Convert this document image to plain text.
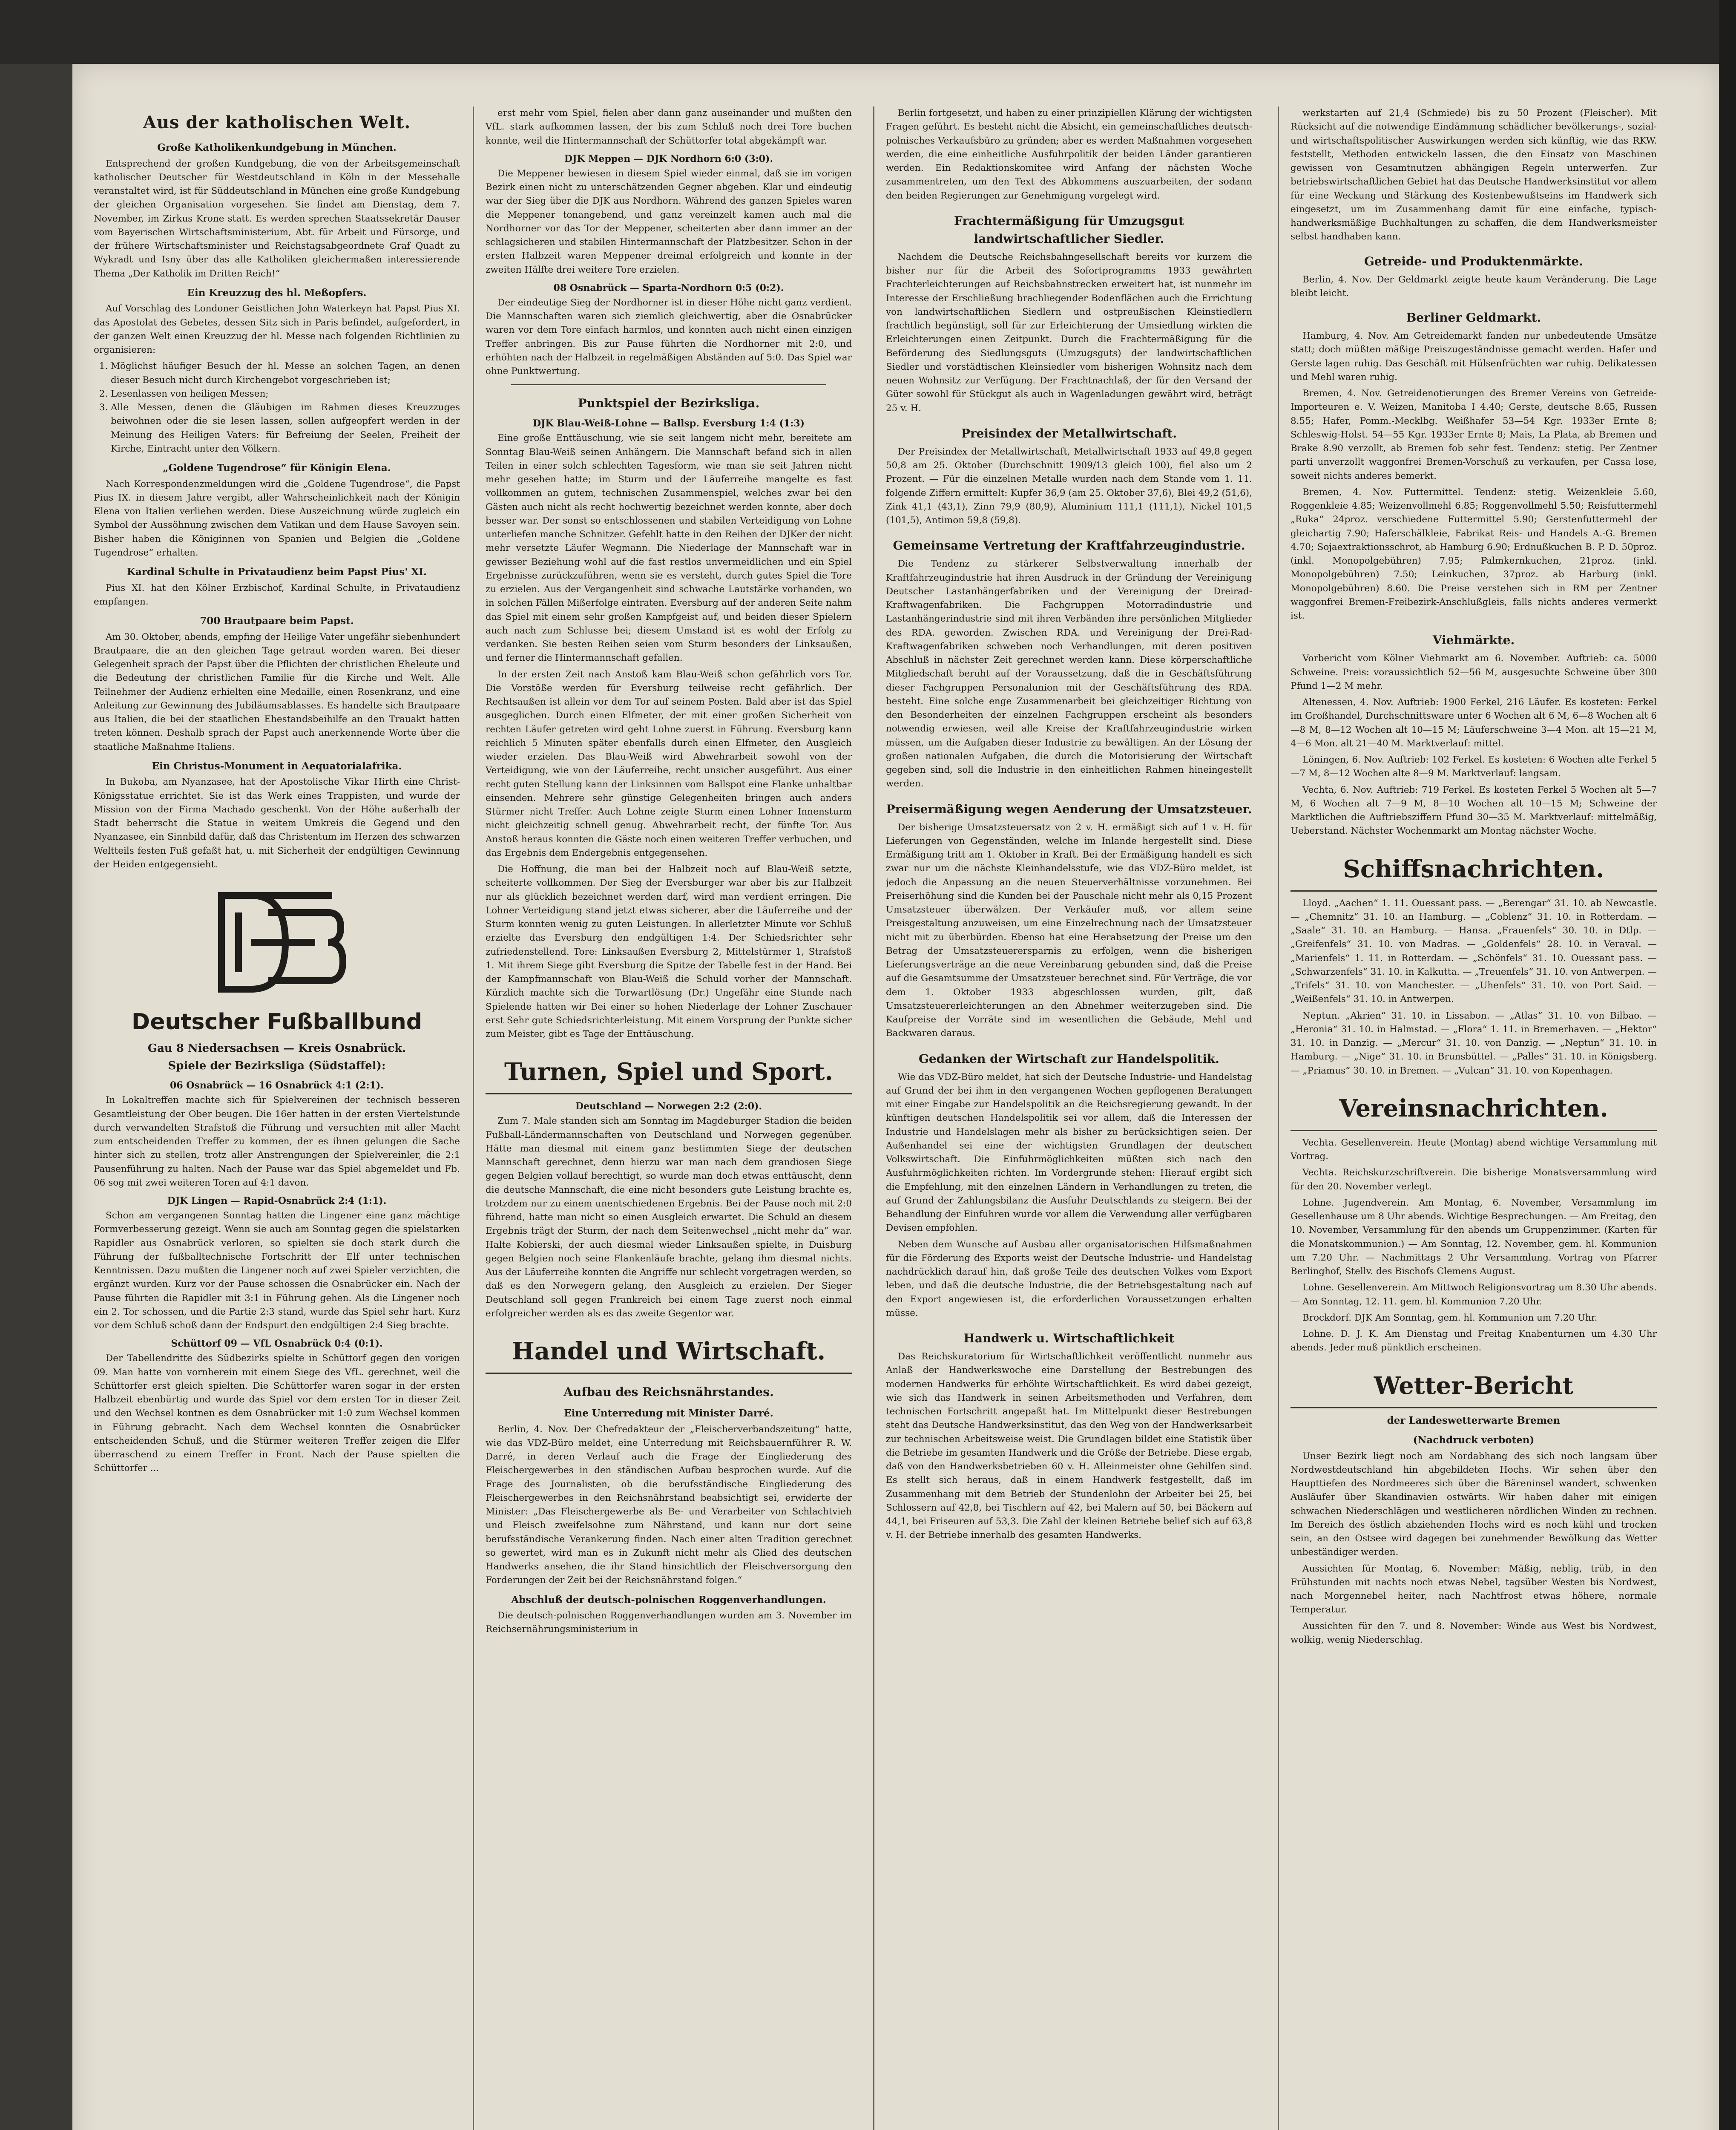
Aus der katholischen Welt.
Große Katholikenkundgebung in München.

Entsprechend der großen Kundgebung, die von der Arbeitsgemeinschaft katholischer Deutscher für Westdeutschland in Köln in der Messehalle veranstaltet wird, ist für Süddeutschland in München eine große Kundgebung der gleichen Organisation vorgesehen. Sie findet am Dienstag, dem 7. November, im Zirkus Krone statt. Es werden sprechen Staatssekretär Dauser vom Bayerischen Wirtschaftsministerium, Abt. für Arbeit und Fürsorge, und der frühere Wirtschaftsminister und Reichstagsabgeordnete Graf Quadt zu Wykradt und Isny über das alle Katholiken gleichermaßen interessierende Thema „Der Katholik im Dritten Reich!“

Ein Kreuzzug des hl. Meßopfers.

Auf Vorschlag des Londoner Geistlichen John Waterkeyn hat Papst Pius XI. das Apostolat des Gebetes, dessen Sitz sich in Paris befindet, aufgefordert, in der ganzen Welt einen Kreuzzug der hl. Messe nach folgenden Richtlinien zu organisieren:

1. Möglichst häufiger Besuch der hl. Messe an solchen Tagen, an denen dieser Besuch nicht durch Kirchengebot vorgeschrieben ist;
2. Lesenlassen von heiligen Messen;
3. Alle Messen, denen die Gläubigen im Rahmen dieses Kreuzzuges beiwohnen oder die sie lesen lassen, sollen aufgeopfert werden in der Meinung des Heiligen Vaters: für Befreiung der Seelen, Freiheit der Kirche, Eintracht unter den Völkern.
„Goldene Tugendrose“ für Königin Elena.

Nach Korrespondenzmeldungen wird die „Goldene Tugendrose“, die Papst Pius IX. in diesem Jahre vergibt, aller Wahrscheinlichkeit nach der Königin Elena von Italien verliehen werden. Diese Auszeichnung würde zugleich ein Symbol der Aussöhnung zwischen dem Vatikan und dem Hause Savoyen sein. Bisher haben die Königinnen von Spanien und Belgien die „Goldene Tugendrose“ erhalten.

Kardinal Schulte in Privataudienz beim Papst Pius' XI.

Pius XI. hat den Kölner Erzbischof, Kardinal Schulte, in Privataudienz empfangen.

700 Brautpaare beim Papst.

Am 30. Oktober, abends, empfing der Heilige Vater ungefähr siebenhundert Brautpaare, die an den gleichen Tage getraut worden waren. Bei dieser Gelegenheit sprach der Papst über die Pflichten der christlichen Eheleute und die Bedeutung der christlichen Familie für die Kirche und Welt. Alle Teilnehmer der Audienz erhielten eine Medaille, einen Rosenkranz, und eine Anleitung zur Gewinnung des Jubiläumsablasses. Es handelte sich Brautpaare aus Italien, die bei der staatlichen Ehestandsbeihilfe an den Trauakt hatten treten können. Deshalb sprach der Papst auch anerkennende Worte über die staatliche Maßnahme Italiens.

Ein Christus-Monument in Aequatorialafrika.

In Bukoba, am Nyanzasee, hat der Apostolische Vikar Hirth eine Christ-Königsstatue errichtet. Sie ist das Werk eines Trappisten, und wurde der Mission von der Firma Machado geschenkt. Von der Höhe außerhalb der Stadt beherrscht die Statue in weitem Umkreis die Gegend und den Nyanzasee, ein Sinnbild dafür, daß das Christentum im Herzen des schwarzen Weltteils festen Fuß gefaßt hat, u. mit Sicherheit der endgültigen Gewinnung der Heiden entgegensieht.

Deutscher Fußballbund
Gau 8 Niedersachsen — Kreis Osnabrück.
Spiele der Bezirksliga (Südstaffel):
06 Osnabrück — 16 Osnabrück 4:1 (2:1).

In Lokaltreffen machte sich für Spielvereinen der technisch besseren Gesamtleistung der Ober beugen. Die 16er hatten in der ersten Viertelstunde durch verwandelten Strafstoß die Führung und versuchten mit aller Macht zum entscheidenden Treffer zu kommen, der es ihnen gelungen die Sache hinter sich zu stellen, trotz aller Anstrengungen der Spielvereinler, die 2:1 Pausenführung zu halten. Nach der Pause war das Spiel abgemeldet und Fb. 06 sog mit zwei weiteren Toren auf 4:1 davon.

DJK Lingen — Rapid-Osnabrück 2:4 (1:1).

Schon am vergangenen Sonntag hatten die Lingener eine ganz mächtige Formverbesserung gezeigt. Wenn sie auch am Sonntag gegen die spielstarken Rapidler aus Osnabrück verloren, so spielten sie doch stark durch die Führung der fußballtechnische Fortschritt der Elf unter technischen Kenntnissen. Dazu mußten die Lingener noch auf zwei Spieler verzichten, die ergänzt wurden. Kurz vor der Pause schossen die Osnabrücker ein. Nach der Pause führten die Rapidler mit 3:1 in Führung gehen. Als die Lingener noch ein 2. Tor schossen, und die Partie 2:3 stand, wurde das Spiel sehr hart. Kurz vor dem Schluß schoß dann der Endspurt den endgültigen 2:4 Sieg brachte.

Schüttorf 09 — VfL Osnabrück 0:4 (0:1).

Der Tabellendritte des Südbezirks spielte in Schüttorf gegen den vorigen 09. Man hatte von vornherein mit einem Siege des VfL. gerechnet, weil die Schüttorfer erst gleich spielten. Die Schüttorfer waren sogar in der ersten Halbzeit ebenbürtig und wurde das Spiel vor dem ersten Tor in dieser Zeit und den Wechsel kontnen es dem Osnabrücker mit 1:0 zum Wechsel kommen in Führung gebracht. Nach dem Wechsel konnten die Osnabrücker entscheidenden Schuß, und die Stürmer weiteren Treffer zeigen die Elfer überraschend zu einem Treffer in Front. Nach der Pause spielten die Schüttorfer ...

erst mehr vom Spiel, fielen aber dann ganz auseinander und mußten den VfL. stark aufkommen lassen, der bis zum Schluß noch drei Tore buchen konnte, weil die Hintermannschaft der Schüttorfer total abgekämpft war.

DJK Meppen — DJK Nordhorn 6:0 (3:0).

Die Meppener bewiesen in diesem Spiel wieder einmal, daß sie im vorigen Bezirk einen nicht zu unterschätzenden Gegner abgeben. Klar und eindeutig war der Sieg über die DJK aus Nordhorn. Während des ganzen Spieles waren die Meppener tonangebend, und ganz vereinzelt kamen auch mal die Nordhorner vor das Tor der Meppener, scheiterten aber dann immer an der schlagsicheren und stabilen Hintermannschaft der Platzbesitzer. Schon in der ersten Halbzeit waren Meppener dreimal erfolgreich und konnte in der zweiten Hälfte drei weitere Tore erzielen.

08 Osnabrück — Sparta-Nordhorn 0:5 (0:2).

Der eindeutige Sieg der Nordhorner ist in dieser Höhe nicht ganz verdient. Die Mannschaften waren sich ziemlich gleichwertig, aber die Osnabrücker waren vor dem Tore einfach harmlos, und konnten auch nicht einen einzigen Treffer anbringen. Bis zur Pause führten die Nordhorner mit 2:0, und erhöhten nach der Halbzeit in regelmäßigen Abständen auf 5:0. Das Spiel war ohne Punktwertung.

Punktspiel der Bezirksliga.
DJK Blau-Weiß-Lohne — Ballsp. Eversburg 1:4 (1:3)

Eine große Enttäuschung, wie sie seit langem nicht mehr, bereitete am Sonntag Blau-Weiß seinen Anhängern. Die Mannschaft befand sich in allen Teilen in einer solch schlechten Tagesform, wie man sie seit Jahren nicht mehr gesehen hatte; im Sturm und der Läuferreihe mangelte es fast vollkommen an gutem, technischen Zusammenspiel, welches zwar bei den Gästen auch nicht als recht hochwertig bezeichnet werden konnte, aber doch besser war. Der sonst so entschlossenen und stabilen Verteidigung von Lohne unterliefen manche Schnitzer. Gefehlt hatte in den Reihen der DJKer der nicht mehr versetzte Läufer Wegmann. Die Niederlage der Mannschaft war in gewisser Beziehung wohl auf die fast restlos unvermeidlichen und ein Spiel Ergebnisse zurückzuführen, wenn sie es versteht, durch gutes Spiel die Tore zu erzielen. Aus der Vergangenheit sind schwache Lautstärke vorhanden, wo in solchen Fällen Mißerfolge eintraten. Eversburg auf der anderen Seite nahm das Spiel mit einem sehr großen Kampfgeist auf, und beiden dieser Spielern auch nach zum Schlusse bei; diesem Umstand ist es wohl der Erfolg zu verdanken. Sie besten Reihen seien vom Sturm besonders der Linksaußen, und ferner die Hintermannschaft gefallen.

In der ersten Zeit nach Anstoß kam Blau-Weiß schon gefährlich vors Tor. Die Vorstöße werden für Eversburg teilweise recht gefährlich. Der Rechtsaußen ist allein vor dem Tor auf seinem Posten. Bald aber ist das Spiel ausgeglichen. Durch einen Elfmeter, der mit einer großen Sicherheit von rechten Läufer getreten wird geht Lohne zuerst in Führung. Eversburg kann reichlich 5 Minuten später ebenfalls durch einen Elfmeter, den Ausgleich wieder erzielen. Das Blau-Weiß wird Abwehrarbeit sowohl von der Verteidigung, wie von der Läuferreihe, recht unsicher ausgeführt. Aus einer recht guten Stellung kann der Linksinnen vom Ballspot eine Flanke unhaltbar einsenden. Mehrere sehr günstige Gelegenheiten bringen auch anders Stürmer nicht Treffer. Auch Lohne zeigte Sturm einen Lohner Innensturm nicht gleichzeitig schnell genug. Abwehrarbeit recht, der fünfte Tor. Aus Anstoß heraus konnten die Gäste noch einen weiteren Treffer verbuchen, und das Ergebnis dem Endergebnis entgegensehen.

Die Hoffnung, die man bei der Halbzeit noch auf Blau-Weiß setzte, scheiterte vollkommen. Der Sieg der Eversburger war aber bis zur Halbzeit nur als glücklich bezeichnet werden darf, wird man verdient erringen. Die Lohner Verteidigung stand jetzt etwas sicherer, aber die Läuferreihe und der Sturm konnten wenig zu guten Leistungen. In allerletzter Minute vor Schluß erzielte das Eversburg den endgültigen 1:4. Der Schiedsrichter sehr zufriedenstellend. Tore: Linksaußen Eversburg 2, Mittelstürmer 1, Strafstoß 1. Mit ihrem Siege gibt Eversburg die Spitze der Tabelle fest in der Hand. Bei der Kampfmannschaft von Blau-Weiß die Schuld vorher der Mannschaft. Kürzlich machte sich die Torwartlösung (Dr.) Ungefähr eine Stunde nach Spielende hatten wir Bei einer so hohen Niederlage der Lohner Zuschauer erst Sehr gute Schiedsrichterleistung. Mit einem Vorsprung der Punkte sicher zum Meister, gibt es Tage der Enttäuschung.

Turnen, Spiel und Sport.
Deutschland — Norwegen 2:2 (2:0).

Zum 7. Male standen sich am Sonntag im Magdeburger Stadion die beiden Fußball-Ländermannschaften von Deutschland und Norwegen gegenüber. Hätte man diesmal mit einem ganz bestimmten Siege der deutschen Mannschaft gerechnet, denn hierzu war man nach dem grandiosen Siege gegen Belgien vollauf berechtigt, so wurde man doch etwas enttäuscht, denn die deutsche Mannschaft, die eine nicht besonders gute Leistung brachte es, trotzdem nur zu einem unentschiedenen Ergebnis. Bei der Pause noch mit 2:0 führend, hatte man nicht so einen Ausgleich erwartet. Die Schuld an diesem Ergebnis trägt der Sturm, der nach dem Seitenwechsel „nicht mehr da“ war. Halte Kobierski, der auch diesmal wieder Linksaußen spielte, in Duisburg gegen Belgien noch seine Flankenläufe brachte, gelang ihm diesmal nichts. Aus der Läuferreihe konnten die Angriffe nur schlecht vorgetragen werden, so daß es den Norwegern gelang, den Ausgleich zu erzielen. Der Sieger Deutschland soll gegen Frankreich bei einem Tage zuerst noch einmal erfolgreicher werden als es das zweite Gegentor war.

Handel und Wirtschaft.
Aufbau des Reichsnährstandes.
Eine Unterredung mit Minister Darré.

Berlin, 4. Nov. Der Chefredakteur der „Fleischerverbandszeitung“ hatte, wie das VDZ-Büro meldet, eine Unterredung mit Reichsbauernführer R. W. Darré, in deren Verlauf auch die Frage der Eingliederung des Fleischergewerbes in den ständischen Aufbau besprochen wurde. Auf die Frage des Journalisten, ob die berufsständische Eingliederung des Fleischergewerbes in den Reichsnährstand beabsichtigt sei, erwiderte der Minister: „Das Fleischergewerbe als Be- und Verarbeiter von Schlachtvieh und Fleisch zweifelsohne zum Nährstand, und kann nur dort seine berufsständische Verankerung finden. Nach einer alten Tradition gerechnet so gewertet, wird man es in Zukunft nicht mehr als Glied des deutschen Handwerks ansehen, die ihr Stand hinsichtlich der Fleischversorgung den Forderungen der Zeit bei der Reichsnährstand folgen.“

Abschluß der deutsch-polnischen Roggenverhandlungen.

Die deutsch-polnischen Roggenverhandlungen wurden am 3. November im Reichsernährungsministerium in

Berlin fortgesetzt, und haben zu einer prinzipiellen Klärung der wichtigsten Fragen geführt. Es besteht nicht die Absicht, ein gemeinschaftliches deutsch-polnisches Verkaufsbüro zu gründen; aber es werden Maßnahmen vorgesehen werden, die eine einheitliche Ausfuhrpolitik der beiden Länder garantieren werden. Ein Redaktionskomitee wird Anfang der nächsten Woche zusammentreten, um den Text des Abkommens auszuarbeiten, der sodann den beiden Regierungen zur Genehmigung vorgelegt wird.

Frachtermäßigung für Umzugsgut landwirtschaftlicher Siedler.

Nachdem die Deutsche Reichsbahngesellschaft bereits vor kurzem die bisher nur für die Arbeit des Sofortprogramms 1933 gewährten Frachterleichterungen auf Reichsbahnstrecken erweitert hat, ist nunmehr im Interesse der Erschließung brachliegender Bodenflächen auch die Errichtung von landwirtschaftlichen Siedlern und ostpreußischen Kleinstiedlern frachtlich begünstigt, soll für zur Erleichterung der Umsiedlung wirkten die Erleichterungen einen Zeitpunkt. Durch die Frachtermäßigung für die Beförderung des Siedlungsguts (Umzugsguts) der landwirtschaftlichen Siedler und vorstädtischen Kleinsiedler vom bisherigen Wohnsitz nach dem neuen Wohnsitz zur Verfügung. Der Frachtnachlaß, der für den Versand der Güter sowohl für Stückgut als auch in Wagenladungen gewährt wird, beträgt 25 v. H.

Preisindex der Metallwirtschaft.

Der Preisindex der Metallwirtschaft, Metallwirtschaft 1933 auf 49,8 gegen 50,8 am 25. Oktober (Durchschnitt 1909/13 gleich 100), fiel also um 2 Prozent. — Für die einzelnen Metalle wurden nach dem Stande vom 1. 11. folgende Ziffern ermittelt: Kupfer 36,9 (am 25. Oktober 37,6), Blei 49,2 (51,6), Zink 41,1 (43,1), Zinn 79,9 (80,9), Aluminium 111,1 (111,1), Nickel 101,5 (101,5), Antimon 59,8 (59,8).

Gemeinsame Vertretung der Kraftfahrzeugindustrie.

Die Tendenz zu stärkerer Selbstverwaltung innerhalb der Kraftfahrzeugindustrie hat ihren Ausdruck in der Gründung der Vereinigung Deutscher Lastanhängerfabriken und der Vereinigung der Dreirad-Kraftwagenfabriken. Die Fachgruppen Motorradindustrie und Lastanhängerindustrie sind mit ihren Verbänden ihre persönlichen Mitglieder des RDA. geworden. Zwischen RDA. und Vereinigung der Drei-Rad-Kraftwagenfabriken schweben noch Verhandlungen, mit deren positiven Abschluß in nächster Zeit gerechnet werden kann. Diese körperschaftliche Mitgliedschaft beruht auf der Voraussetzung, daß die in Geschäftsführung dieser Fachgruppen Personalunion mit der Geschäftsführung des RDA. besteht. Eine solche enge Zusammenarbeit bei gleichzeitiger Richtung von den Besonderheiten der einzelnen Fachgruppen erscheint als besonders notwendig erwiesen, weil alle Kreise der Kraftfahrzeugindustrie wirken müssen, um die Aufgaben dieser Industrie zu bewältigen. An der Lösung der großen nationalen Aufgaben, die durch die Motorisierung der Wirtschaft gegeben sind, soll die Industrie in den einheitlichen Rahmen hineingestellt werden.

Preisermäßigung wegen Aenderung der Umsatzsteuer.

Der bisherige Umsatzsteuersatz von 2 v. H. ermäßigt sich auf 1 v. H. für Lieferungen von Gegenständen, welche im Inlande hergestellt sind. Diese Ermäßigung tritt am 1. Oktober in Kraft. Bei der Ermäßigung handelt es sich zwar nur um die nächste Kleinhandelsstufe, wie das VDZ-Büro meldet, ist jedoch die Anpassung an die neuen Steuerverhältnisse vorzunehmen. Bei Preiserhöhung sind die Kunden bei der Pauschale nicht mehr als 0,15 Prozent Umsatzsteuer überwälzen. Der Verkäufer muß, vor allem seine Preisgestaltung anzuweisen, um eine Einzelrechnung nach der Umsatzsteuer nicht mit zu überbürden. Ebenso hat eine Herabsetzung der Preise um den Betrag der Umsatzsteuerersparnis zu erfolgen, wenn die bisherigen Lieferungsverträge an die neue Vereinbarung gebunden sind, daß die Preise auf die Gesamtsumme der Umsatzsteuer berechnet sind. Für Verträge, die vor dem 1. Oktober 1933 abgeschlossen wurden, gilt, daß Umsatzsteuererleichterungen an den Abnehmer weiterzugeben sind. Die Kaufpreise der Vorräte sind im wesentlichen die Gebäude, Mehl und Backwaren daraus.

Gedanken der Wirtschaft zur Handelspolitik.

Wie das VDZ-Büro meldet, hat sich der Deutsche Industrie- und Handelstag auf Grund der bei ihm in den vergangenen Wochen gepflogenen Beratungen mit einer Eingabe zur Handelspolitik an die Reichsregierung gewandt. In der künftigen deutschen Handelspolitik sei vor allem, daß die Interessen der Industrie und Handelslagen mehr als bisher zu berücksichtigen seien. Der Außenhandel sei eine der wichtigsten Grundlagen der deutschen Volkswirtschaft. Die Einfuhrmöglichkeiten müßten sich nach den Ausfuhrmöglichkeiten richten. Im Vordergrunde stehen: Hierauf ergibt sich die Empfehlung, mit den einzelnen Ländern in Verhandlungen zu treten, die auf Grund der Zahlungsbilanz die Ausfuhr Deutschlands zu steigern. Bei der Behandlung der Einfuhren wurde vor allem die Verwendung aller verfügbaren Devisen empfohlen.

Neben dem Wunsche auf Ausbau aller organisatorischen Hilfsmaßnahmen für die Förderung des Exports weist der Deutsche Industrie- und Handelstag nachdrücklich darauf hin, daß große Teile des deutschen Volkes vom Export leben, und daß die deutsche Industrie, die der Betriebsgestaltung nach auf den Export angewiesen ist, die erforderlichen Voraussetzungen erhalten müsse.

Handwerk u. Wirtschaftlichkeit

Das Reichskuratorium für Wirtschaftlichkeit veröffentlicht nunmehr aus Anlaß der Handwerkswoche eine Darstellung der Bestrebungen des modernen Handwerks für erhöhte Wirtschaftlichkeit. Es wird dabei gezeigt, wie sich das Handwerk in seinen Arbeitsmethoden und Verfahren, dem technischen Fortschritt angepaßt hat. Im Mittelpunkt dieser Bestrebungen steht das Deutsche Handwerksinstitut, das den Weg von der Handwerksarbeit zur technischen Arbeitsweise weist. Die Grundlagen bildet eine Statistik über die Betriebe im gesamten Handwerk und die Größe der Betriebe. Diese ergab, daß von den Handwerksbetrieben 60 v. H. Alleinmeister ohne Gehilfen sind. Es stellt sich heraus, daß in einem Handwerk festgestellt, daß im Zusammenhang mit dem Betrieb der Stundenlohn der Arbeiter bei 25, bei Schlossern auf 42,8, bei Tischlern auf 42, bei Malern auf 50, bei Bäckern auf 44,1, bei Friseuren auf 53,3. Die Zahl der kleinen Betriebe belief sich auf 63,8 v. H. der Betriebe innerhalb des gesamten Handwerks.

werkstarten auf 21,4 (Schmiede) bis zu 50 Prozent (Fleischer). Mit Rücksicht auf die notwendige Eindämmung schädlicher bevölkerungs-, sozial- und wirtschaftspolitischer Auswirkungen werden sich künftig, wie das RKW. feststellt, Methoden entwickeln lassen, die den Einsatz von Maschinen gewissen von Gesamtnutzen abhängigen Regeln unterwerfen. Zur betriebswirtschaftlichen Gebiet hat das Deutsche Handwerksinstitut vor allem für eine Weckung und Stärkung des Kostenbewußtseins im Handwerk sich eingesetzt, um im Zusammenhang damit für eine einfache, typisch-handwerksmäßige Buchhaltungen zu schaffen, die dem Handwerksmeister selbst handhaben kann.

Getreide- und Produktenmärkte.

Berlin, 4. Nov. Der Geldmarkt zeigte heute kaum Veränderung. Die Lage bleibt leicht.

Berliner Geldmarkt.

Hamburg, 4. Nov. Am Getreidemarkt fanden nur unbedeutende Umsätze statt; doch müßten mäßige Preiszugeständnisse gemacht werden. Hafer und Gerste lagen ruhig. Das Geschäft mit Hülsenfrüchten war ruhig. Delikatessen und Mehl waren ruhig.

Bremen, 4. Nov. Getreidenotierungen des Bremer Vereins von Getreide-Importeuren e. V. Weizen, Manitoba I 4.40; Gerste, deutsche 8.65, Russen 8.55; Hafer, Pomm.-Mecklbg. Weißhafer 53—54 Kgr. 1933er Ernte 8; Schleswig-Holst. 54—55 Kgr. 1933er Ernte 8; Mais, La Plata, ab Bremen und Brake 8.90 verzollt, ab Bremen fob sehr fest. Tendenz: stetig. Per Zentner parti unverzollt waggonfrei Bremen-Vorschuß zu verkaufen, per Cassa lose, soweit nichts anderes bemerkt.

Bremen, 4. Nov. Futtermittel. Tendenz: stetig. Weizenkleie 5.60, Roggenkleie 4.85; Weizenvollmehl 6.85; Roggenvollmehl 5.50; Reisfuttermehl „Ruka“ 24proz. verschiedene Futtermittel 5.90; Gerstenfuttermehl der gleichartig 7.90; Haferschälkleie, Fabrikat Reis- und Handels A.-G. Bremen 4.70; Sojaextraktionsschrot, ab Hamburg 6.90; Erdnußkuchen B. P. D. 50proz. (inkl. Monopolgebühren) 7.95; Palmkernkuchen, 21proz. (inkl. Monopolgebühren) 7.50; Leinkuchen, 37proz. ab Harburg (inkl. Monopolgebühren) 8.60. Die Preise verstehen sich in RM per Zentner waggonfrei Bremen-Freibezirk-Anschlußgleis, falls nichts anderes vermerkt ist.

Viehmärkte.

Vorbericht vom Kölner Viehmarkt am 6. November. Auftrieb: ca. 5000 Schweine. Preis: voraussichtlich 52—56 M, ausgesuchte Schweine über 300 Pfund 1—2 M mehr.

Altenessen, 4. Nov. Auftrieb: 1900 Ferkel, 216 Läufer. Es kosteten: Ferkel im Großhandel, Durchschnittsware unter 6 Wochen alt 6 M, 6—8 Wochen alt 6—8 M, 8—12 Wochen alt 10—15 M; Läuferschweine 3—4 Mon. alt 15—21 M, 4—6 Mon. alt 21—40 M. Marktverlauf: mittel.

Löningen, 6. Nov. Auftrieb: 102 Ferkel. Es kosteten: 6 Wochen alte Ferkel 5—7 M, 8—12 Wochen alte 8—9 M. Marktverlauf: langsam.

Vechta, 6. Nov. Auftrieb: 719 Ferkel. Es kosteten Ferkel 5 Wochen alt 5—7 M, 6 Wochen alt 7—9 M, 8—10 Wochen alt 10—15 M; Schweine der Marktlichen die Auftriebsziffern Pfund 30—35 M. Marktverlauf: mittelmäßig, Ueberstand. Nächster Wochenmarkt am Montag nächster Woche.

Schiffsnachrichten.

Lloyd. „Aachen“ 1. 11. Ouessant pass. — „Berengar“ 31. 10. ab Newcastle. — „Chemnitz“ 31. 10. an Hamburg. — „Coblenz“ 31. 10. in Rotterdam. — „Saale“ 31. 10. an Hamburg. — Hansa. „Frauenfels“ 30. 10. in Dtlp. — „Greifenfels“ 31. 10. von Madras. — „Goldenfels“ 28. 10. in Veraval. — „Marienfels“ 1. 11. in Rotterdam. — „Schönfels“ 31. 10. Ouessant pass. — „Schwarzenfels“ 31. 10. in Kalkutta. — „Treuenfels“ 31. 10. von Antwerpen. — „Trifels“ 31. 10. von Manchester. — „Uhenfels“ 31. 10. von Port Said. — „Weißenfels“ 31. 10. in Antwerpen.

Neptun. „Akrien“ 31. 10. in Lissabon. — „Atlas“ 31. 10. von Bilbao. — „Heronia“ 31. 10. in Halmstad. — „Flora“ 1. 11. in Bremerhaven. — „Hektor“ 31. 10. in Danzig. — „Mercur“ 31. 10. von Danzig. — „Neptun“ 31. 10. in Hamburg. — „Nige“ 31. 10. in Brunsbüttel. — „Palles“ 31. 10. in Königsberg. — „Priamus“ 30. 10. in Bremen. — „Vulcan“ 31. 10. von Kopenhagen.

Vereinsnachrichten.

Vechta. Gesellenverein. Heute (Montag) abend wichtige Versammlung mit Vortrag.

Vechta. Reichskurzschriftverein. Die bisherige Monatsversammlung wird für den 20. November verlegt.

Lohne. Jugendverein. Am Montag, 6. November, Versammlung im Gesellenhause um 8 Uhr abends. Wichtige Besprechungen. — Am Freitag, den 10. November, Versammlung für den abends um Gruppenzimmer. (Karten für die Monatskommunion.) — Am Sonntag, 12. November, gem. hl. Kommunion um 7.20 Uhr. — Nachmittags 2 Uhr Versammlung. Vortrag von Pfarrer Berlinghof, Stellv. des Bischofs Clemens August.

Lohne. Gesellenverein. Am Mittwoch Religionsvortrag um 8.30 Uhr abends. — Am Sonntag, 12. 11. gem. hl. Kommunion 7.20 Uhr.

Brockdorf. DJK Am Sonntag, gem. hl. Kommunion um 7.20 Uhr.

Lohne. D. J. K. Am Dienstag und Freitag Knabenturnen um 4.30 Uhr abends. Jeder muß pünktlich erscheinen.

Wetter-Bericht
der Landeswetterwarte Bremen
(Nachdruck verboten)

Unser Bezirk liegt noch am Nordabhang des sich noch langsam über Nordwestdeutschland hin abgebildeten Hochs. Wir sehen über den Haupttiefen des Nordmeeres sich über die Bäreninsel wandert, schwenken Ausläufer über Skandinavien ostwärts. Wir haben daher mit einigen schwachen Niederschlägen und westlicheren nördlichen Winden zu rechnen. Im Bereich des östlich abziehenden Hochs wird es noch kühl und trocken sein, an den Ostsee wird dagegen bei zunehmender Bewölkung das Wetter unbeständiger werden.

Aussichten für Montag, 6. November: Mäßig, neblig, trüb, in den Frühstunden mit nachts noch etwas Nebel, tagsüber Westen bis Nordwest, nach Morgennebel heiter, nach Nachtfrost etwas höhere, normale Temperatur.

Aussichten für den 7. und 8. November: Winde aus West bis Nordwest, wolkig, wenig Niederschlag.
